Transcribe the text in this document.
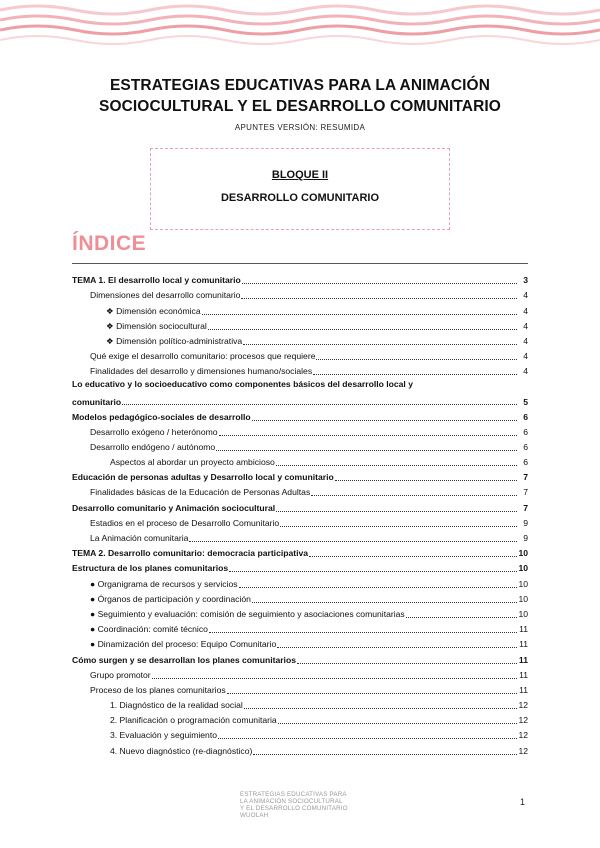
ESTRATEGIAS EDUCATIVAS PARA LA ANIMACIÓN
SOCIOCULTURAL Y EL DESARROLLO COMUNITARIO
APUNTES VERSIÓN: RESUMIDA
BLOQUE II
DESARROLLO COMUNITARIO
ÍNDICE
TEMA 1. El desarrollo local y comunitario	3
Dimensiones del desarrollo comunitario	4
❖ Dimensión económica	4
❖ Dimensión sociocultural	4
❖ Dimensión político-administrativa	4
Qué exige el desarrollo comunitario: procesos que requiere	4
Finalidades del desarrollo y dimensiones humano/sociales	4
Lo educativo y lo socioeducativo como componentes básicos del desarrollo local y
comunitario	5
Modelos pedagógico-sociales de desarrollo	6
Desarrollo exógeno / heterónomo	6
Desarrollo endógeno / autónomo	6
Aspectos al abordar un proyecto ambicioso	6
Educación de personas adultas y Desarrollo local y comunitario	7
Finalidades básicas de la Educación de Personas Adultas	7
Desarrollo comunitario y Animación sociocultural	7
Estadios en el proceso de Desarrollo Comunitario	9
La Animación comunitaria	9
TEMA 2. Desarrollo comunitario: democracia participativa	10
Estructura de los planes comunitarios	10
● Organigrama de recursos y servicios	10
● Órganos de participación y coordinación	10
● Seguimiento y evaluación: comisión de seguimiento y asociaciones comunitarias	10
● Coordinación: comité técnico	11
● Dinamización del proceso: Equipo Comunitario	11
Cómo surgen y se desarrollan los planes comunitarios	11
Grupo promotor	11
Proceso de los planes comunitarios	11
1. Diagnóstico de la realidad social	12
2. Planificación o programación comunitaria	12
3. Evaluación y seguimiento	12
4. Nuevo diagnóstico (re-diagnóstico)	12
ESTRATEGIAS EDUCATIVAS PARA
LA ANIMACIÓN SOCIOCULTURAL
Y EL DESARROLLO COMUNITARIO
WUOLAH
1
